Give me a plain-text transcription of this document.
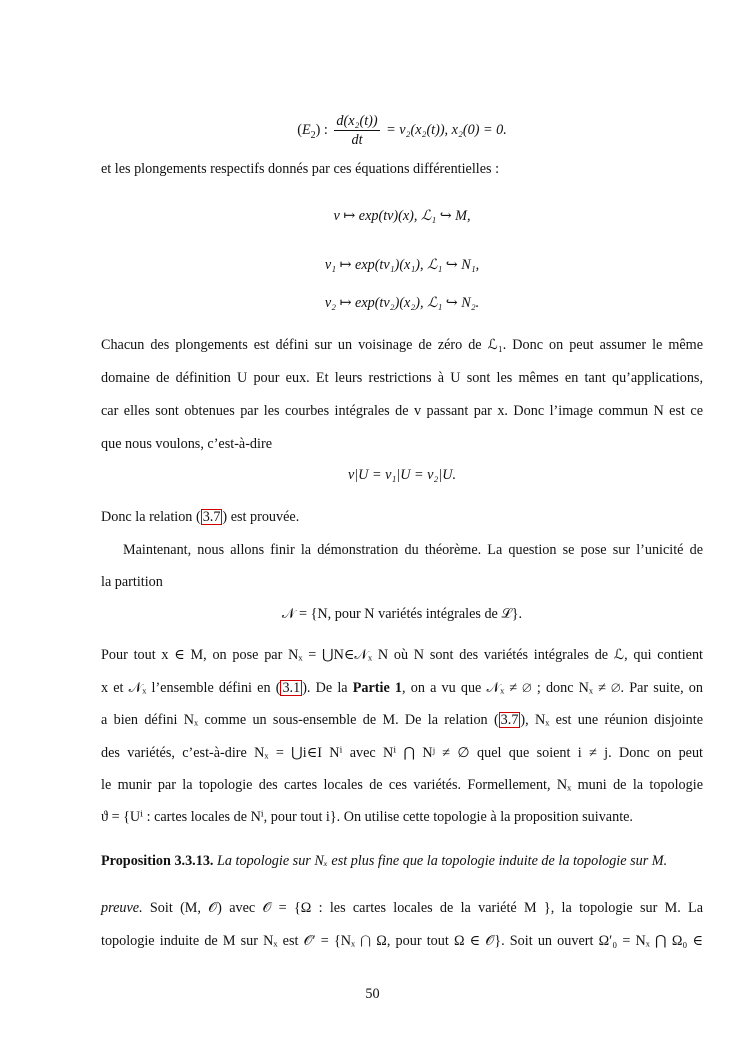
$(E_2)$ : $\frac{\text{d(x₂(t))}}{dt} = v_2(x_2(t))$, x₂(0) = 0.
et les plongements respectifs donnés par ces équations différentielles :
v ↦ exp(tv)(x), ℒ₁ ↪ M,
v₁ ↦ exp(tv₁)(x₁), ℒ₁ ↪ N₁,
v₂ ↦ exp(tv₂)(x₂), ℒ₁ ↪ N₂.
Chacun des plongements est défini sur un voisinage de zéro de ℒ₁. Donc on peut assumer le même
domaine de définition U pour eux. Et leurs restrictions à U sont les mêmes en tant qu’applications,
car elles sont obtenues par les courbes intégrales de v passant par x. Donc l’image commun N est ce
que nous voulons, c’est-à-dire
v|U = v₁|U = v₂|U.
Donc la relation ( 3.7 ) est prouvée.
Maintenant, nous allons finir la démonstration du théorème. La question se pose sur l’unicité de
la partition
𝒩 = {N, pour N variétés intégrales de ℒ}.
Pour tout x ∈ M, on pose par Nₓ = ⋃N∈𝒩ₓ N où N sont des variétés intégrales de ℒ, qui contient
x et 𝒩ₓ l’ensemble défini en ( 3.1 ). De la Partie 1, on a vu que 𝒩ₓ ≠ ∅ ; donc Nₓ ≠ ∅. Par suite, on
a bien défini Nₓ comme un sous-ensemble de M. De la relation ( 3.7 ), Nₓ est une réunion disjointe
des variétés, c’est-à-dire Nₓ = ⋃i∈I Nⁱ avec Nⁱ ⋂ Nʲ ≠ ∅ quel que soient i ≠ j. Donc on peut
le munir par la topologie des cartes locales de ces variétés. Formellement, Nₓ muni de la topologie
ϑ = {Uⁱ : cartes locales de Nⁱ, pour tout i}. On utilise cette topologie à la proposition suivante.
Proposition 3.3.13. La topologie sur Nₓ est plus fine que la topologie induite de la topologie sur M.
preuve. Soit (M, 𝒪) avec 𝒪 = {Ω : les cartes locales de la variété M }, la topologie sur M. La
topologie induite de M sur Nₓ est 𝒪′ = {Nₓ ⋂ Ω, pour tout Ω ∈ 𝒪}. Soit un ouvert Ω′₀ = Nₓ ⋂ Ω₀ ∈
50
